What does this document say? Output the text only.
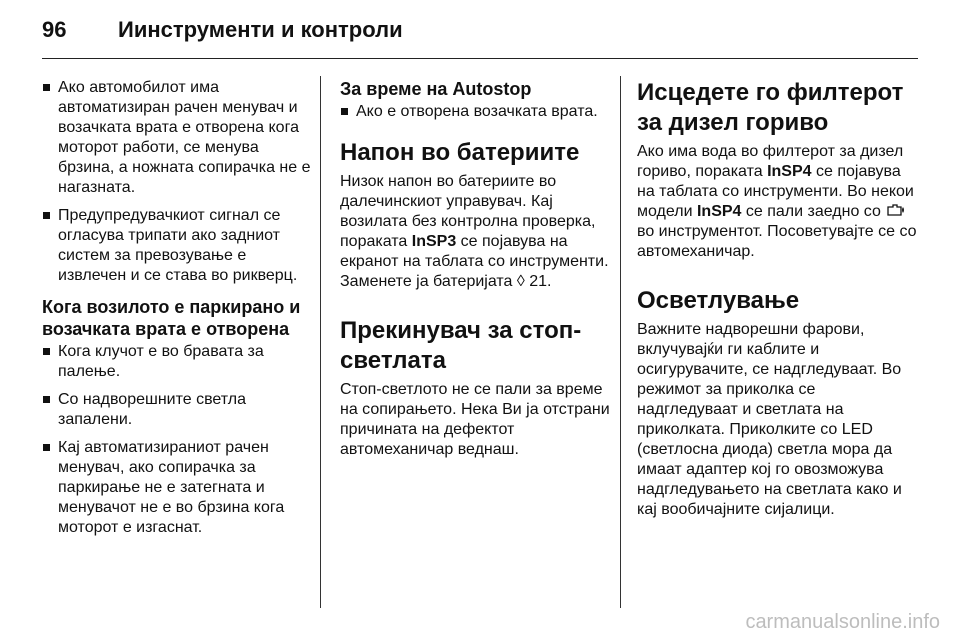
96 Иинструменти и контроли
Ако автомобилот има автоматизиран рачен менувач и возачката врата е отворена кога моторот работи, се менува брзина, а ножната сопирачка не е нагазната.
Предупредувачкиот сигнал се огласува трипати ако задниот систем за превозување е извлечен и се става во рикверц.
Кога возилото е паркирано и возачката врата е отворена
Кога клучот е во бравата за палење.
Со надворешните светла запалени.
Кај автоматизираниот рачен менувач, ако сопирачка за паркирање не е затегната и менувачот не е во брзина кога моторот е изгаснат.
За време на Autostop
Ако е отворена возачката врата.
Напон во батериите

Низок напон во батериите во далечинскиот управувач. Кај возилата без контролна проверка, пораката InSP3 се појавува на екранот на таблата со инструменти. Заменете ја батеријата ◊ 21.

Прекинувач за стоп-светлата

Стоп-светлото не се пали за време на сопирањето. Нека Ви ја отстрани причината на дефектот автомеханичар веднаш.

Исцедете го филтерот за дизел гориво

Ако има вода во филтерот за дизел гориво, пораката InSP4 се појавува на таблата со инструменти. Во некои модели InSP4 се пали заедно со  во инструментот. Посоветувајте се со автомеханичар.

Осветлување

Важните надворешни фарови, вклучувајќи ги каблите и осигурувачите, се надгледуваат. Во режимот за приколка се надгледуваат и светлата на приколката. Приколките со LED (светлосна диода) светла мора да имаат адаптер кој го овозможува надгледувањето на светлата како и кај вообичајните сијалици.

carmanualsonline.info
